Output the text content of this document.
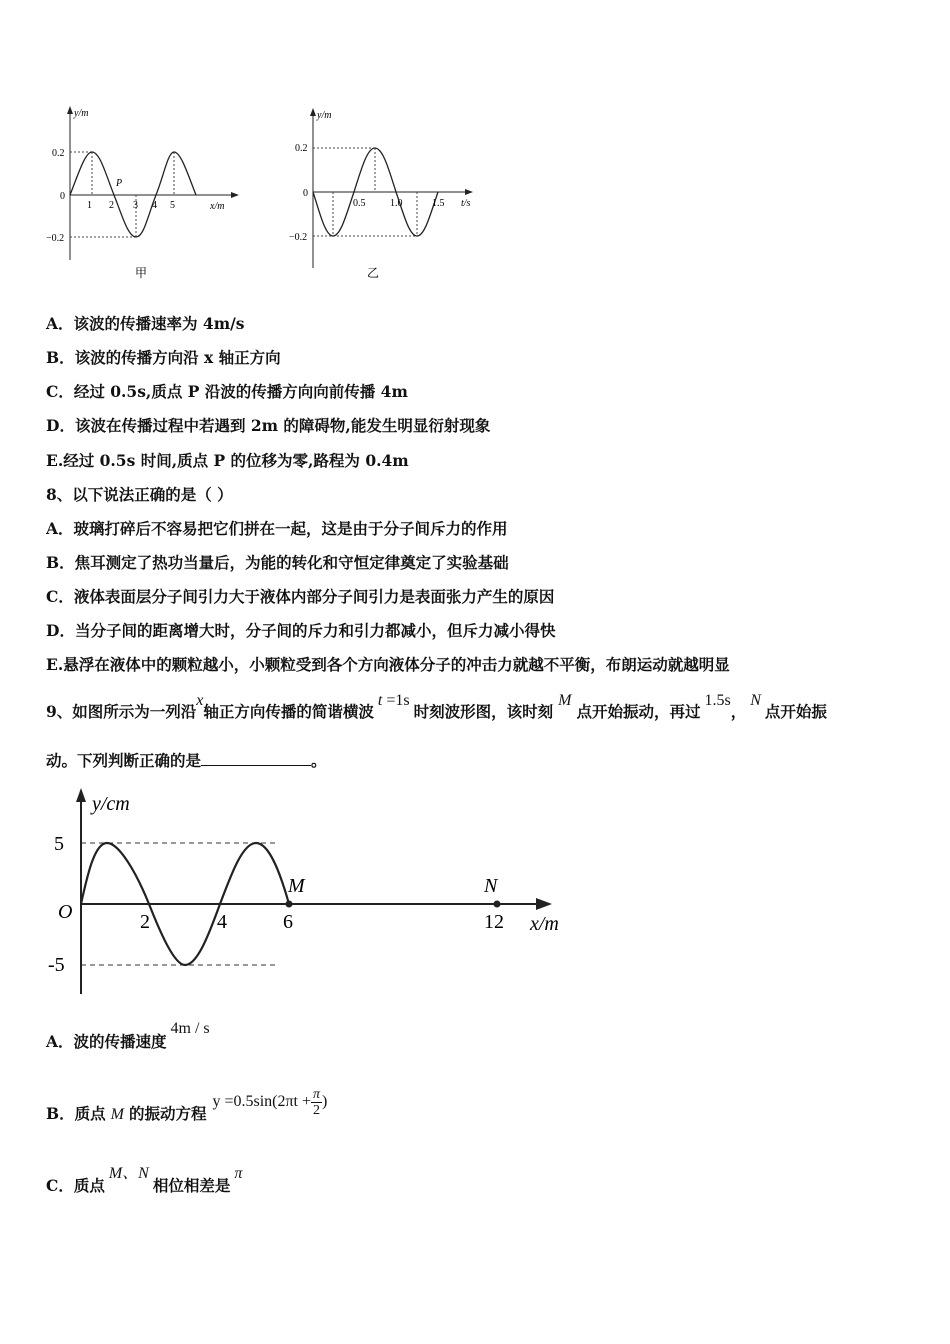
y/m
x/m
0.2
0
−0.2
1 2 3 4 5
P
甲
y/m
t/s
0.2
0
−0.2
0.5 1.0	1.5
乙
A．该波的传播速率为 4m/s
B．该波的传播方向沿 x 轴正方向
C．经过 0.5s,质点 P 沿波的传播方向向前传播 4m
D．该波在传播过程中若遇到 2m 的障碍物,能发生明显衍射现象
E.经过 0.5s 时间,质点 P 的位移为零,路程为 0.4m
8、以下说法正确的是（ ）
A．玻璃打碎后不容易把它们拼在一起，这是由于分子间斥力的作用
B．焦耳测定了热功当量后，为能的转化和守恒定律奠定了实验基础
C．液体表面层分子间引力大于液体内部分子间引力是表面张力产生的原因
D．当分子间的距离增大时，分子间的斥力和引力都减小，但斥力减小得快
E.悬浮在液体中的颗粒越小，小颗粒受到各个方向液体分子的冲击力就越不平衡，布朗运动就越明显
9、如图所示为一列沿x轴正方向传播的简谐横波t =1s时刻波形图，该时刻M点开始振动，再过1.5s，N点开始振
动。下列判断正确的是	。
y/cm
x/m
5
-5
O	2	4	6	12
M	N
A．波的传播速度4m / s
B．质点 M 的振动方程$y =0.5\sin(2\pi t + \frac{\pi}{2}$ )
C．质点M、N相位相差是π
